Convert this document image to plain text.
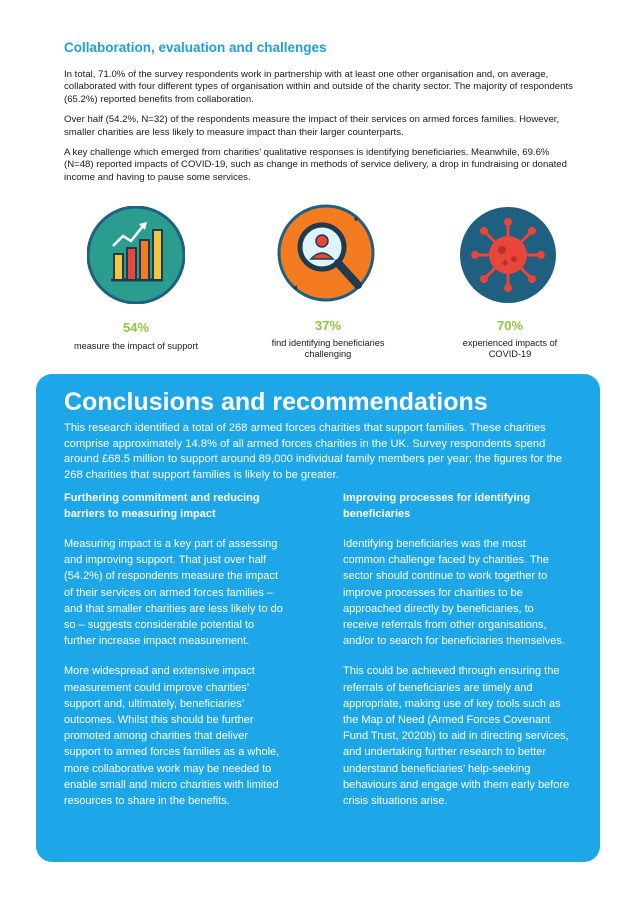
Collaboration, evaluation and challenges

In total, 71.0% of the survey respondents work in partnership with at least one other organisation and, on average, collaborated with four different types of organisation within and outside of the charity sector. The majority of respondents (65.2%) reported benefits from collaboration.

Over half (54.2%, N=32) of the respondents measure the impact of their services on armed forces families. However, smaller charities are less likely to measure impact than their larger counterparts.

A key challenge which emerged from charities’ qualitative responses is identifying beneficiaries. Meanwhile, 69.6% (N=48) reported impacts of COVID-19, such as change in methods of service delivery, a drop in fundraising or donated income and having to pause some services.

54%
measure the impact of support
37%
find identifying beneficiaries challenging
70%
experienced impacts of COVID-19
Conclusions and recommendations

This research identified a total of 268 armed forces charities that support families. These charities comprise approximately 14.8% of all armed forces charities in the UK. Survey respondents spend around £68.5 million to support around 89,000 individual family members per year; the figures for the 268 charities that support families is likely to be greater.

Furthering commitment and reducing barriers to measuring impact

Measuring impact is a key part of assessing and improving support. That just over half (54.2%) of respondents measure the impact of their services on armed forces families – and that smaller charities are less likely to do so – suggests considerable potential to further increase impact measurement.

More widespread and extensive impact measurement could improve charities’ support and, ultimately, beneficiaries’ outcomes. Whilst this should be further promoted among charities that deliver support to armed forces families as a whole, more collaborative work may be needed to enable small and micro charities with limited resources to share in the benefits.

Improving processes for identifying beneficiaries

Identifying beneficiaries was the most common challenge faced by charities. The sector should continue to work together to improve processes for charities to be approached directly by beneficiaries, to receive referrals from other organisations, and/or to search for beneficiaries themselves.

This could be achieved through ensuring the referrals of beneficiaries are timely and appropriate, making use of key tools such as the Map of Need (Armed Forces Covenant Fund Trust, 2020b) to aid in directing services, and undertaking further research to better understand beneficiaries’ help-seeking behaviours and engage with them early before crisis situations arise.
